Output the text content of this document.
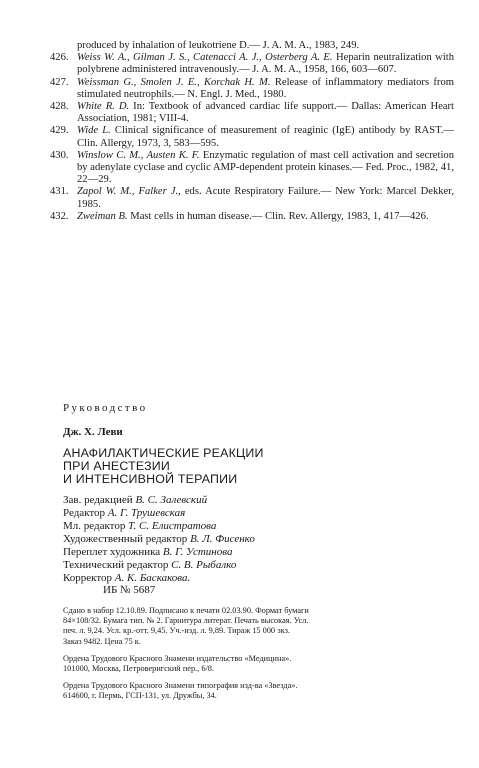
produced by inhalation of leukotriene D.— J. A. M. A., 1983, 249.
426. Weiss W. A., Gilman J. S., Catenacci A. J., Osterberg A. E. Heparin neutralization with polybrene administered intravenously.— J. A. M. A., 1958, 166, 603—607.
427. Weissman G., Smolen J. E., Korchak H. M. Release of inflammatory mediators from stimulated neutrophils.— N. Engl. J. Med., 1980.
428. White R. D. In: Textbook of advanced cardiac life support.— Dallas: American Heart Association, 1981; VIII-4.
429. Wide L. Clinical significance of measurement of reaginic (IgE) antibody by RAST.— Clin. Allergy, 1973, 3, 583—595.
430. Winslow C. M., Austen K. F. Enzymatic regulation of mast cell activation and secretion by adenylate cyclase and cyclic AMP-dependent protein kinases.— Fed. Proc., 1982, 41, 22—29.
431. Zapol W. M., Falker J., eds. Acute Respiratory Failure.— New York: Marcel Dekker, 1985.
432. Zweiman B. Mast cells in human disease.— Clin. Rev. Allergy, 1983, 1, 417—426.
Руководство
Дж. Х. Леви
АНАФИЛАКТИЧЕСКИЕ РЕАКЦИИ
ПРИ АНЕСТЕЗИИ
И ИНТЕНСИВНОЙ ТЕРАПИИ
Зав. редакцией В. С. Залевский
Редактор А. Г. Трушевская
Мл. редактор Т. С. Елистратова
Художественный редактор В. Л. Фисенко
Переплет художника В. Г. Устинова
Технический редактор С. В. Рыбалко
Корректор А. К. Баскакова.
ИБ № 5687
Сдано в набор 12.10.89. Подписано к печати 02.03.90. Формат бумаги
84×108/32. Бумага тип. № 2. Гарнитура литерат. Печать высокая. Усл.
печ. л. 9,24. Усл. кр.-отт. 9,45. Уч.-изд. л. 9,89. Тираж 15 000 экз.
Заказ 9482. Цена 75 к.
Ордена Трудового Красного Знамени издательство «Медицина».
101000, Москва, Петроверигский пер., 6/8.
Ордена Трудового Красного Знамени типография изд-ва «Звезда».
614600, г. Пермь, ГСП-131, ул. Дружбы, 34.
